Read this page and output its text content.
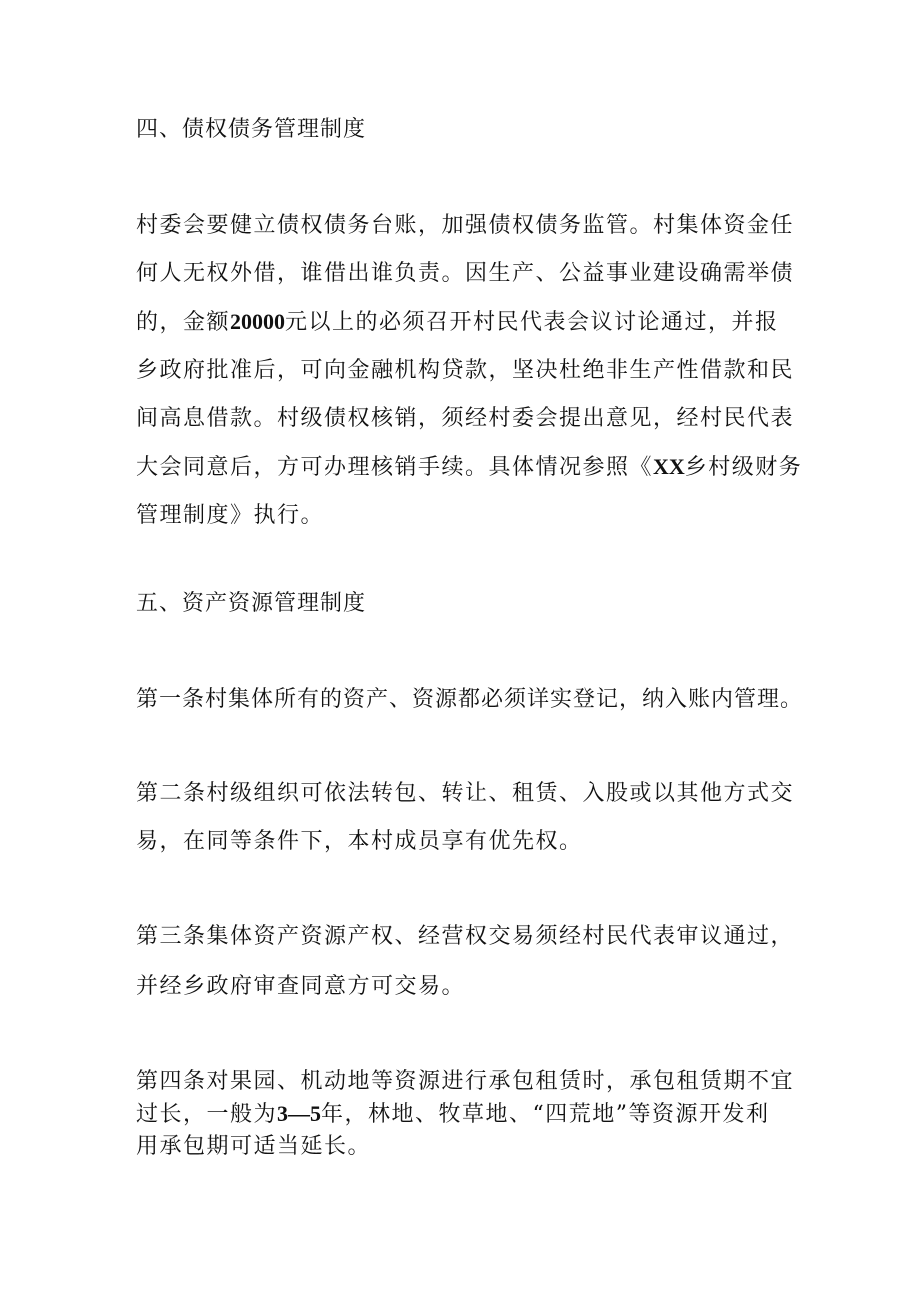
四、债权债务管理制度
村委会要健立债权债务台账，加强债权债务监管。村集体资金任
何人无权外借，谁借出谁负责。因生产、公益事业建设确需举债
的，金额20000元以上的必须召开村民代表会议讨论通过，并报
乡政府批准后，可向金融机构贷款，坚决杜绝非生产性借款和民
间高息借款。村级债权核销，须经村委会提出意见，经村民代表
大会同意后，方可办理核销手续。具体情况参照《XX乡村级财务
管理制度》执行。
五、资产资源管理制度
第一条村集体所有的资产、资源都必须详实登记，纳入账内管理。
第二条村级组织可依法转包、转让、租赁、入股或以其他方式交
易，在同等条件下，本村成员享有优先权。
第三条集体资产资源产权、经营权交易须经村民代表审议通过，
并经乡政府审查同意方可交易。
第四条对果园、机动地等资源进行承包租赁时，承包租赁期不宜
过长，一般为3—5年，林地、牧草地、“四荒地”等资源开发利
用承包期可适当延长。
